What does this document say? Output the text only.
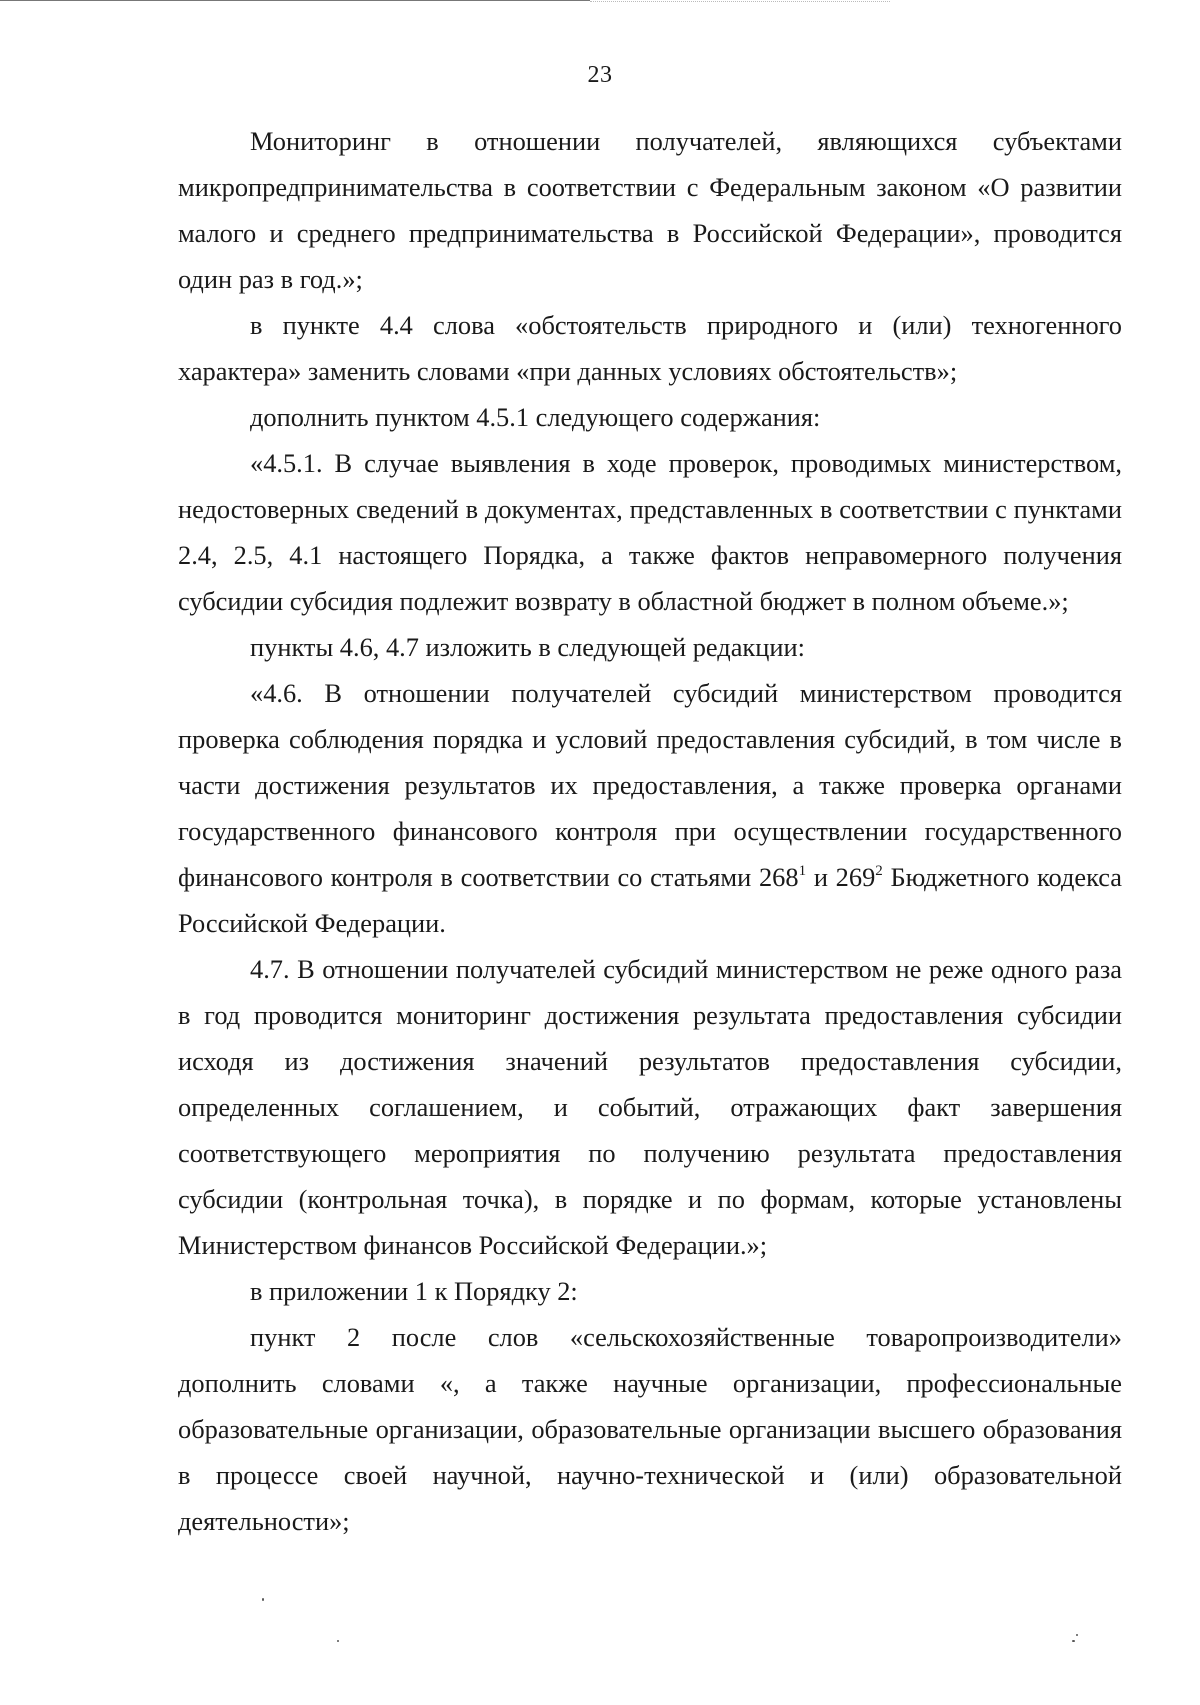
23

Мониторинг в отношении получателей, являющихся субъектами микропредпринимательства в соответствии с Федеральным законом «О развитии малого и среднего предпринимательства в Российской Федерации», проводится один раз в год.»;

в пункте 4.4 слова «обстоятельств природного и (или) техногенного характера» заменить словами «при данных условиях обстоятельств»;

дополнить пунктом 4.5.1 следующего содержания:

«4.5.1. В случае выявления в ходе проверок, проводимых министерством, недостоверных сведений в документах, представленных в соответствии с пунктами 2.4, 2.5, 4.1 настоящего Порядка, а также фактов неправомерного получения субсидии субсидия подлежит возврату в областной бюджет в полном объеме.»;

пункты 4.6, 4.7 изложить в следующей редакции:

«4.6. В отношении получателей субсидий министерством проводится проверка соблюдения порядка и условий предоставления субсидий, в том числе в части достижения результатов их предоставления, а также проверка органами государственного финансового контроля при осуществлении государственного финансового контроля в соответствии со статьями $268^1$ и $269^2$ Бюджетного кодекса Российской Федерации.

4.7. В отношении получателей субсидий министерством не реже одного раза в год проводится мониторинг достижения результата предоставления субсидии исходя из достижения значений результатов предоставления субсидии, определенных соглашением, и событий, отражающих факт завершения соответствующего мероприятия по получению результата предоставления субсидии (контрольная точка), в порядке и по формам, которые установлены Министерством финансов Российской Федерации.»;

в приложении 1 к Порядку 2:

пункт 2 после слов «сельскохозяйственные товаропроизводители» дополнить словами «, а также научные организации, профессиональные образовательные организации, образовательные организации высшего образования в процессе своей научной, научно-технической и (или) образовательной деятельности»;
